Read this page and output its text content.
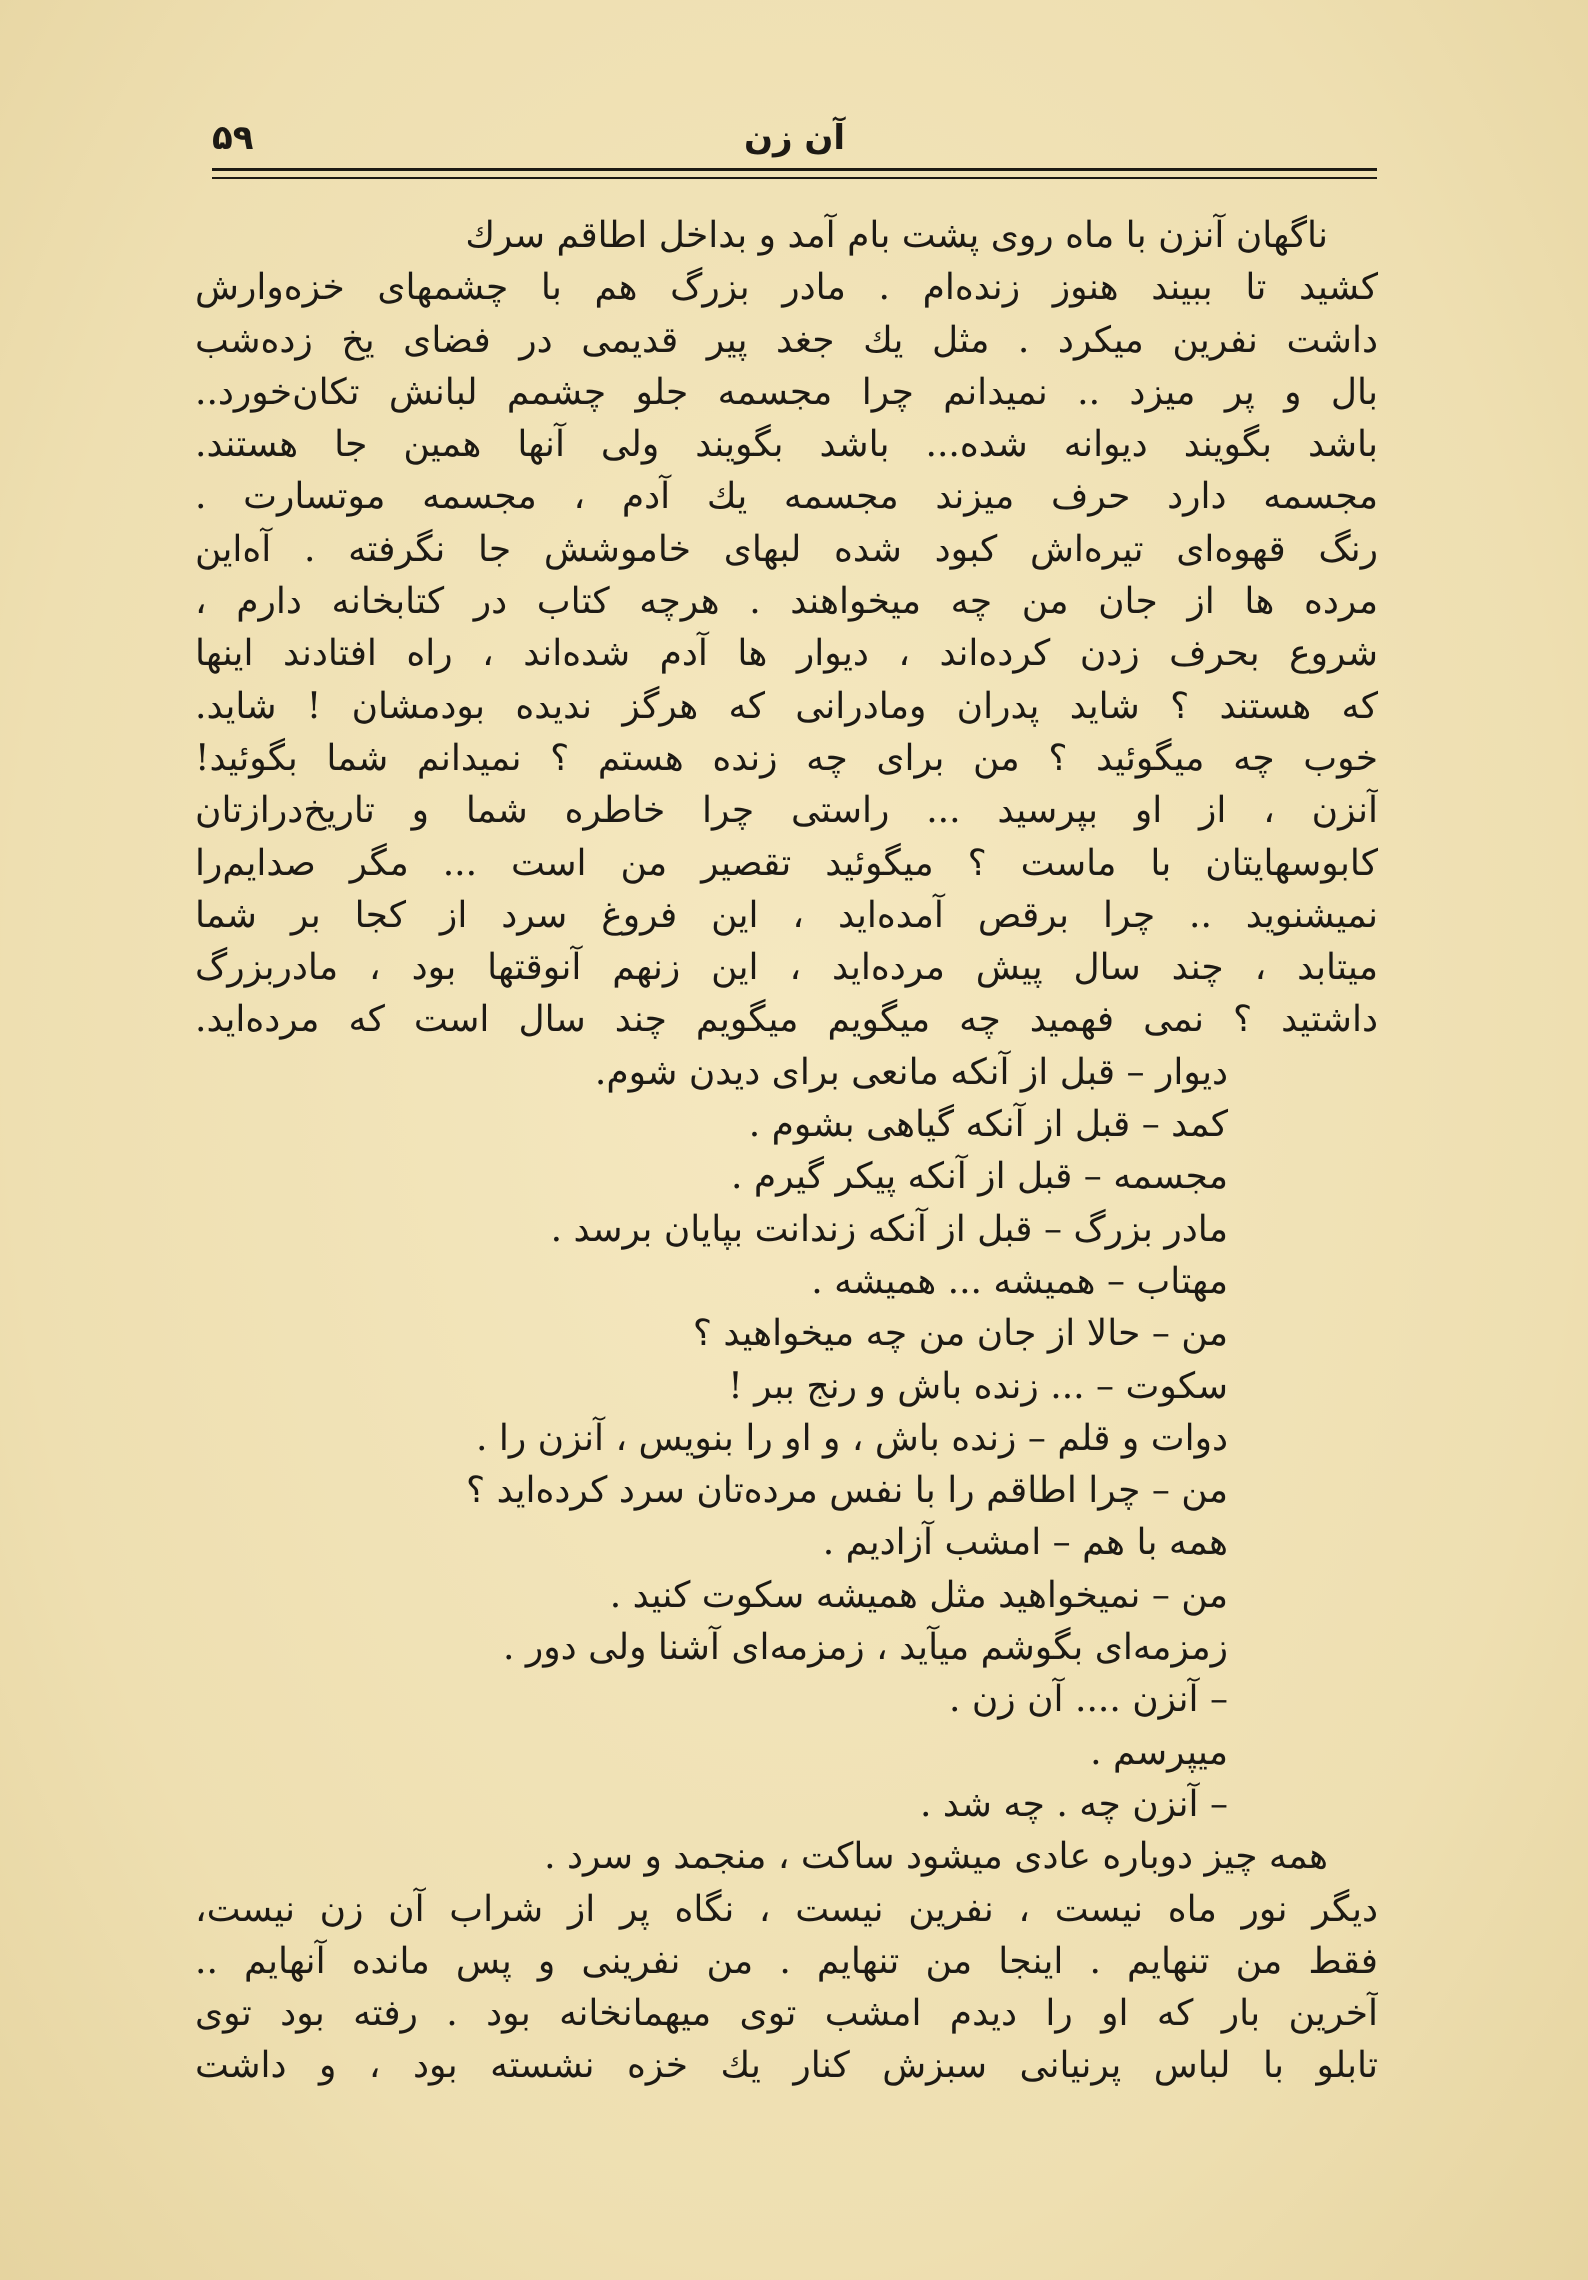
آن زن
۵۹
ناگهان آنزن با ماه روی پشت بام آمد و بداخل اطاقم سرك
کشید تا ببیند هنوز زنده‌ام . مادر بزرگ هم با چشمهای خزه‌وارش
داشت نفرین میکرد . مثل یك جغد پیر قدیمی در فضای یخ زده‌شب
بال و پر میزد .. نمیدانم چرا مجسمه جلو چشمم لبانش تکان‌خورد..
باشد بگویند دیوانه شده... باشد بگویند ولی آنها همین جا هستند.
مجسمه دارد حرف میزند مجسمه یك آدم ، مجسمه موتسارت .
رنگ قهوه‌ای تیره‌اش کبود شده لبهای خاموشش جا نگرفته . آه‌این
مرده ها از جان من چه میخواهند . هرچه کتاب در کتابخانه دارم ،
شروع بحرف زدن کرده‌اند ، دیوار ها آدم شده‌اند ، راه افتادند اینها
که هستند ؟ شاید پدران ومادرانی که هرگز ندیده بودمشان ! شاید.
خوب چه میگوئید ؟ من برای چه زنده هستم ؟ نمیدانم شما بگوئید!
آنزن ، از او بپرسید ... راستی چرا خاطره شما و تاریخ‌درازتان
کابوسهایتان با ماست ؟ میگوئید تقصیر من است ... مگر صدایم‌را
نمیشنوید .. چرا برقص آمده‌اید ، این فروغ سرد از کجا بر شما
میتابد ، چند سال پیش مرده‌اید ، این زنهم آنوقتها بود ، مادربزرگ
داشتید ؟ نمی فهمید چه میگویم میگویم چند سال است که مرده‌اید.
دیوار – قبل از آنکه مانعی برای دیدن شوم.
کمد – قبل از آنکه گیاهی بشوم .
مجسمه – قبل از آنکه پیکر گیرم .
مادر بزرگ – قبل از آنکه زندانت بپایان برسد .
مهتاب – همیشه ... همیشه .
من – حالا از جان من چه میخواهید ؟
سکوت – ... زنده باش و رنج ببر !
دوات و قلم – زنده باش ، و او را بنویس ، آنزن را .
من – چرا اطاقم را با نفس مرده‌تان سرد کرده‌اید ؟
همه با هم – امشب آزادیم .
من – نمیخواهید مثل همیشه سکوت کنید .
زمزمه‌ای بگوشم میآید ، زمزمه‌ای آشنا ولی دور .
– آنزن .... آن زن .
میپرسم .
– آنزن چه . چه شد .
همه چیز دوباره عادی میشود ساکت ، منجمد و سرد .
دیگر نور ماه نیست ، نفرین نیست ، نگاه پر از شراب آن زن نیست،
فقط من تنهایم . اینجا من تنهایم . من نفرینی و پس مانده آنهایم ..
آخرین بار که او را دیدم امشب توی میهمانخانه بود . رفته بود توی
تابلو با لباس پرنیانی سبزش کنار یك خزه نشسته بود ، و داشت
